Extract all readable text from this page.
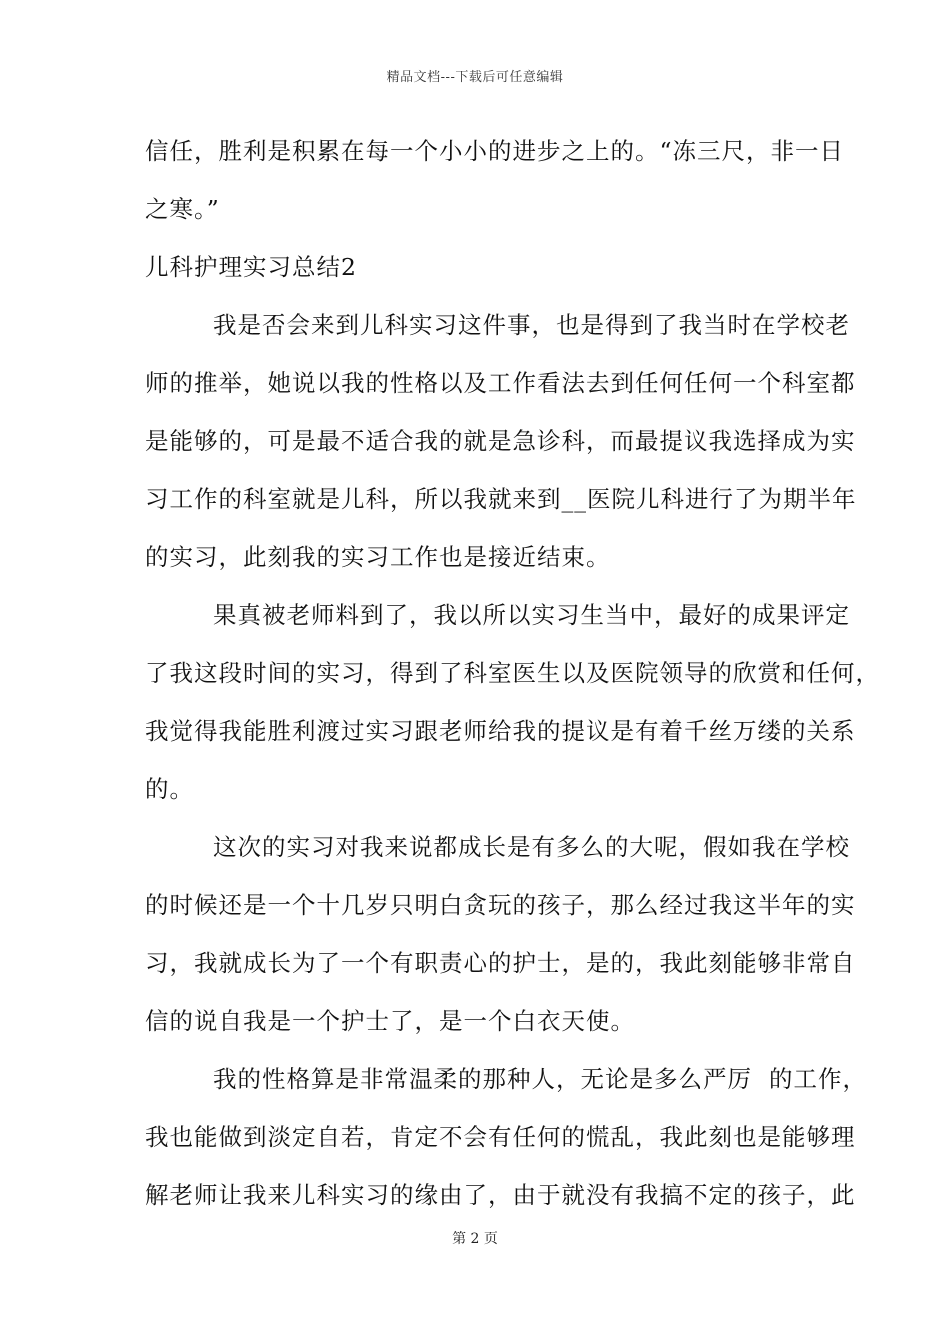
精品文档---下载后可任意编辑
信任，胜利是积累在每一个小小的进步之上的。“冻三尺，非一日
之寒。”
儿科护理实习总结2
我是否会来到儿科实习这件事，也是得到了我当时在学校老
师的推举，她说以我的性格以及工作看法去到任何任何一个科室都
是能够的，可是最不适合我的就是急诊科，而最提议我选择成为实
习工作的科室就是儿科，所以我就来到__医院儿科进行了为期半年
的实习，此刻我的实习工作也是接近结束。
果真被老师料到了，我以所以实习生当中，最好的成果评定
了我这段时间的实习，得到了科室医生以及医院领导的欣赏和任何，
我觉得我能胜利渡过实习跟老师给我的提议是有着千丝万缕的关系
的。
这次的实习对我来说都成长是有多么的大呢，假如我在学校
的时候还是一个十几岁只明白贪玩的孩子，那么经过我这半年的实
习，我就成长为了一个有职责心的护士，是的，我此刻能够非常自
信的说自我是一个护士了，是一个白衣天使。
我的性格算是非常温柔的那种人，无论是多么严厉  的工作，
我也能做到淡定自若，肯定不会有任何的慌乱，我此刻也是能够理
解老师让我来儿科实习的缘由了，由于就没有我搞不定的孩子，此
第 2 页
